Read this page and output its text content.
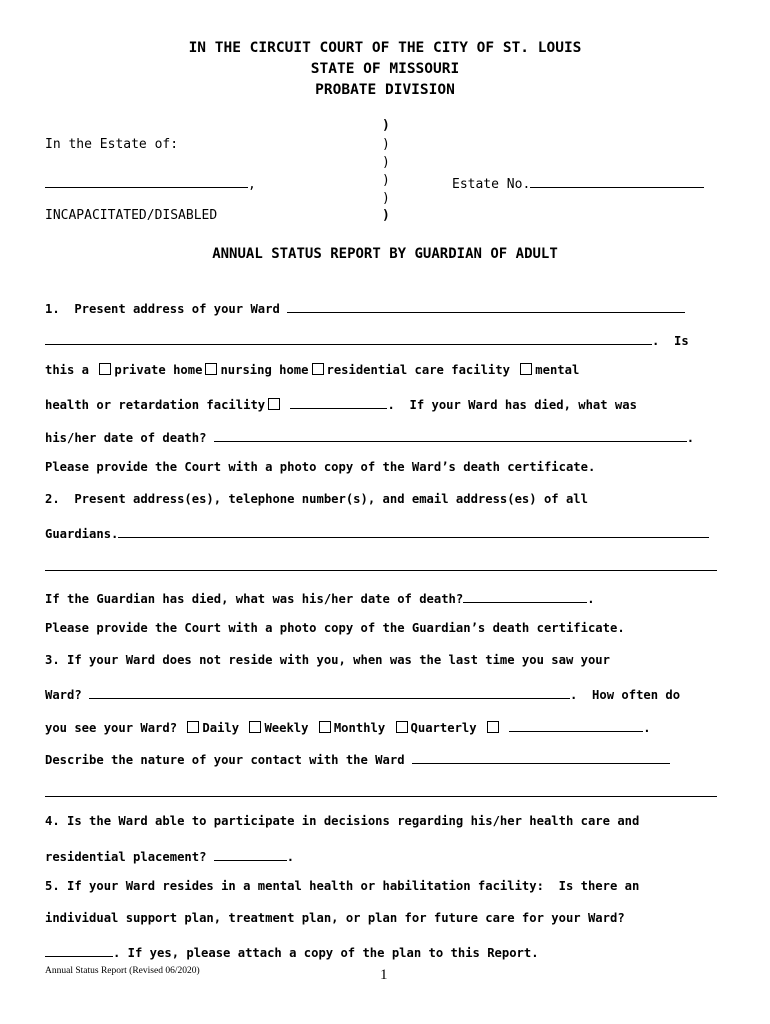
IN THE CIRCUIT COURT OF THE CITY OF ST. LOUIS
STATE OF MISSOURI
PROBATE DIVISION
In the Estate of:
,
INCAPACITATED/DISABLED
)
)
)
)
)
)
Estate No.
ANNUAL STATUS REPORT BY GUARDIAN OF ADULT
1.  Present address of your Ward
.  Is
this a private home nursing home residential care facility mental
health or retardation facility	.  If your Ward has died, what was
his/her date of death?	.
Please provide the Court with a photo copy of the Ward’s death certificate.
2.  Present address(es), telephone number(s), and email address(es) of all
Guardians.
If the Guardian has died, what was his/her date of death?	.
Please provide the Court with a photo copy of the Guardian’s death certificate.
3. If your Ward does not reside with you, when was the last time you saw your
Ward?	.  How often do
you see your Ward? Daily Weekly Monthly Quarterly	.
Describe the nature of your contact with the Ward
4. Is the Ward able to participate in decisions regarding his/her health care and
residential placement?	.
5. If your Ward resides in a mental health or habilitation facility:  Is there an
individual support plan, treatment plan, or plan for future care for your Ward?
. If yes, please attach a copy of the plan to this Report.
Annual Status Report (Revised 06/2020)	1
